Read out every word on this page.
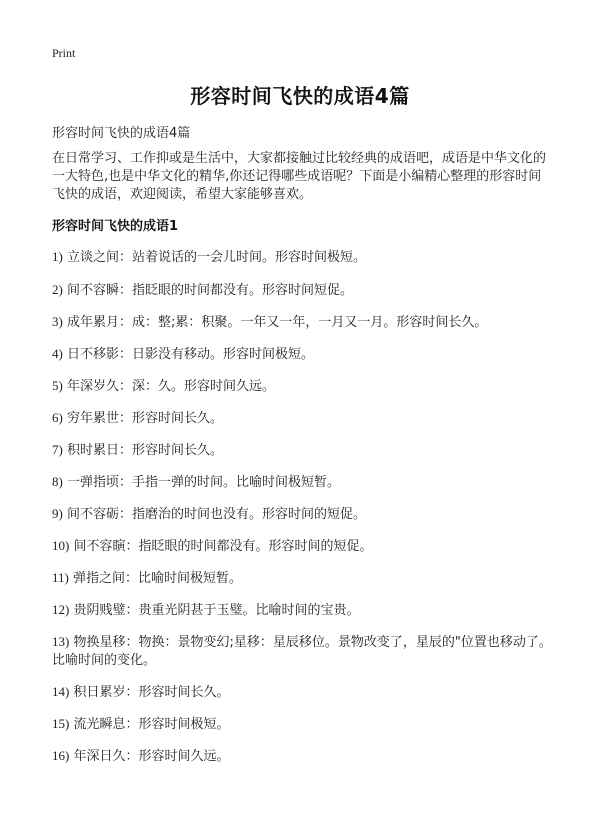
Print
形容时间飞快的成语4篇
形容时间飞快的成语4篇
在日常学习、工作抑或是生活中，大家都接触过比较经典的成语吧，成语是中华文化的一大特色,也是中华文化的精华,你还记得哪些成语呢？下面是小编精心整理的形容时间飞快的成语，欢迎阅读，希望大家能够喜欢。
形容时间飞快的成语1
1) 立谈之间：站着说话的一会儿时间。形容时间极短。
2) 间不容瞬：指眨眼的时间都没有。形容时间短促。
3) 成年累月：成：整;累：积聚。一年又一年，一月又一月。形容时间长久。
4) 日不移影：日影没有移动。形容时间极短。
5) 年深岁久：深：久。形容时间久远。
6) 穷年累世：形容时间长久。
7) 积时累日：形容时间长久。
8) 一弹指顷：手指一弹的时间。比喻时间极短暂。
9) 间不容砺：指磨治的时间也没有。形容时间的短促。
10) 间不容瞚：指眨眼的时间都没有。形容时间的短促。
11) 弹指之间：比喻时间极短暂。
12) 贵阴贱璧：贵重光阴甚于玉璧。比喻时间的宝贵。
13) 物换星移：物换：景物变幻;星移：星辰移位。景物改变了，星辰的"位置也移动了。比喻时间的变化。
14) 积日累岁：形容时间长久。
15) 流光瞬息：形容时间极短。
16) 年深日久：形容时间久远。
